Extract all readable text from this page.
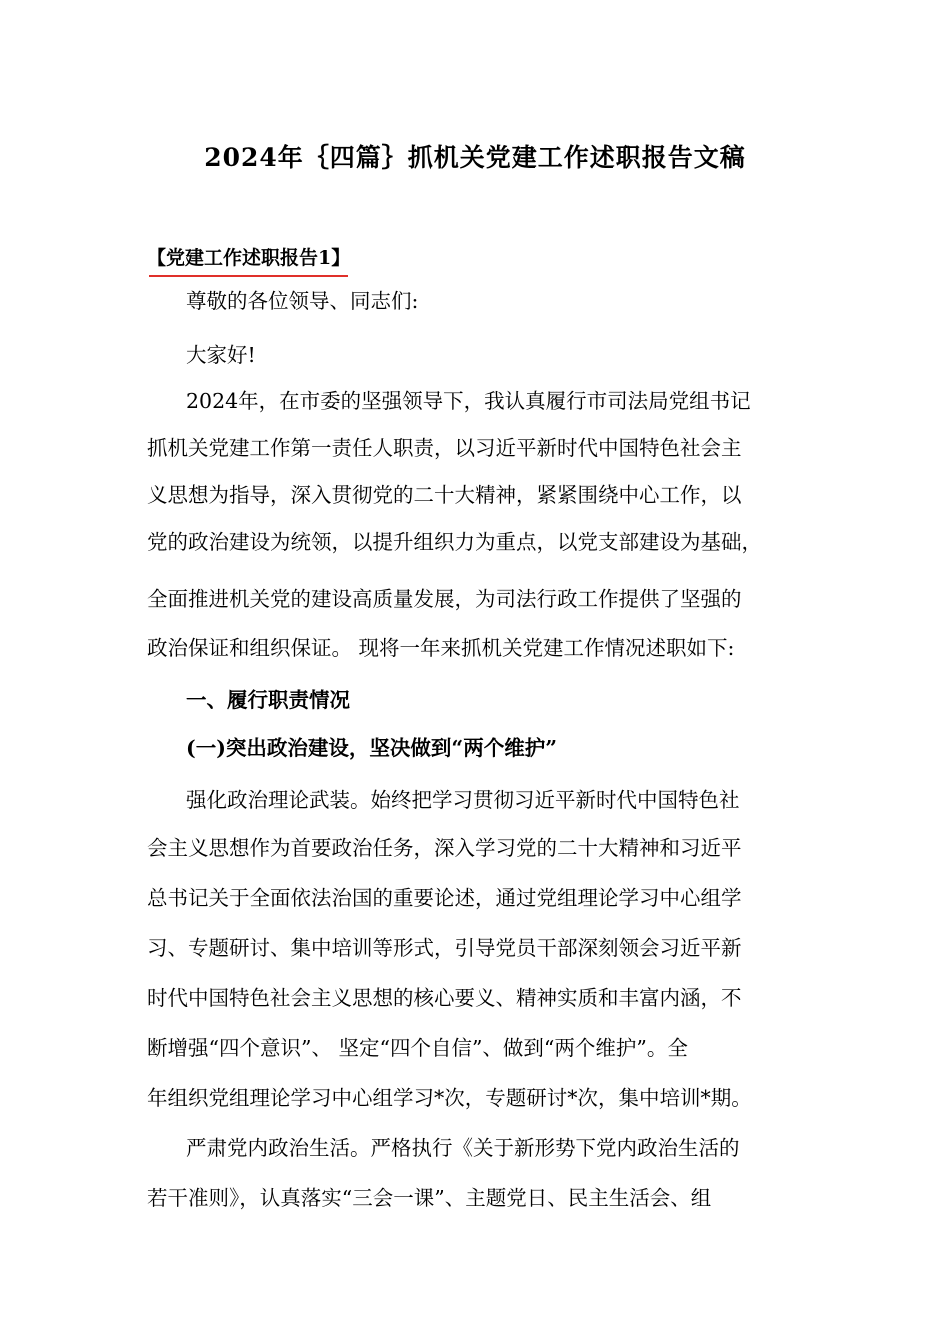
2024年｛四篇｝抓机关党建工作述职报告文稿
【党建工作述职报告1】
尊敬的各位领导、同志们:
大家好!
2024年，在市委的坚强领导下，我认真履行市司法局党组书记
抓机关党建工作第一责任人职责，以习近平新时代中国特色社会主
义思想为指导，深入贯彻党的二十大精神，紧紧围绕中心工作，以
党的政治建设为统领，以提升组织力为重点，以党支部建设为基础，
全面推进机关党的建设高质量发展，为司法行政工作提供了坚强的
政治保证和组织保证。 现将一年来抓机关党建工作情况述职如下:
一、履行职责情况
(一)突出政治建设，坚决做到“两个维护”
强化政治理论武装。始终把学习贯彻习近平新时代中国特色社
会主义思想作为首要政治任务，深入学习党的二十大精神和习近平
总书记关于全面依法治国的重要论述，通过党组理论学习中心组学
习、专题研讨、集中培训等形式，引导党员干部深刻领会习近平新
时代中国特色社会主义思想的核心要义、精神实质和丰富内涵，不
断增强“四个意识”、 坚定“四个自信”、做到“两个维护”。全
年组织党组理论学习中心组学习*次，专题研讨*次，集中培训*期。
严肃党内政治生活。严格执行《关于新形势下党内政治生活的
若干准则》，认真落实“三会一课”、主题党日、民主生活会、组
